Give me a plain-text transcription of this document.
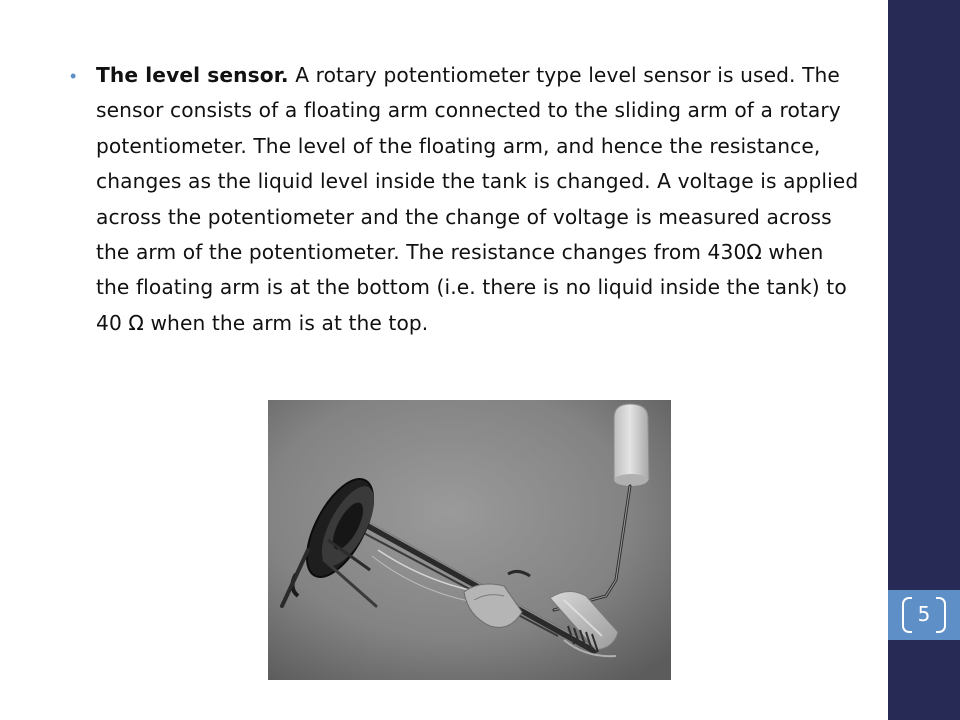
• The level sensor. A rotary potentiometer type level sensor is used. The sensor consists of a floating arm connected to the sliding arm of a rotary potentiometer. The level of the floating arm, and hence the resistance, changes as the liquid level inside the tank is changed. A voltage is applied across the potentiometer and the change of voltage is measured across the arm of the potentiometer. The resistance changes from 430Ω when the floating arm is at the bottom (i.e. there is no liquid inside the tank) to 40 Ω when the arm is at the top.

5
